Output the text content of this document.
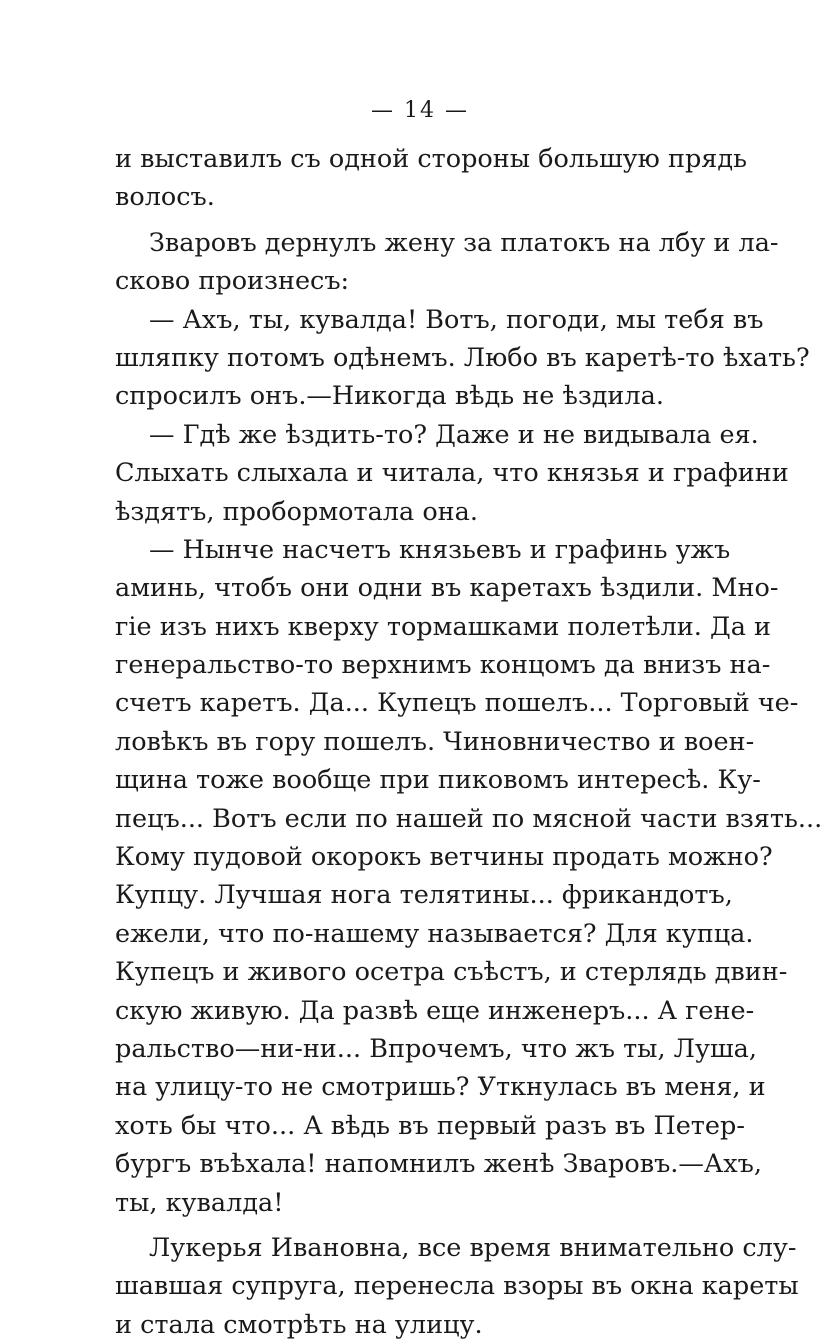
— 14 —
и выставилъ съ одной стороны большую прядь
волосъ.
Зваровъ дернулъ жену за платокъ на лбу и ла-
сково произнесъ:
— Ахъ, ты, кувалда! Вотъ, погоди, мы тебя въ
шляпку потомъ одѣнемъ. Любо въ каретѣ-то ѣхать?
спросилъ онъ.—Никогда вѣдь не ѣздила.
— Гдѣ же ѣздить-то? Даже и не видывала ея.
Слыхать слыхала и читала, что князья и графини
ѣздятъ, пробормотала она.
— Нынче насчетъ князьевъ и графинь ужъ
аминь, чтобъ они одни въ каретахъ ѣздили. Мно-
гіе изъ нихъ кверху тормашками полетѣли. Да и
генеральство-то верхнимъ концомъ да внизъ на-
счетъ каретъ. Да... Купецъ пошелъ... Торговый че-
ловѣкъ въ гору пошелъ. Чиновничество и воен-
щина тоже вообще при пиковомъ интересѣ. Ку-
пецъ... Вотъ если по нашей по мясной части взять...
Кому пудовой окорокъ ветчины продать можно?
Купцу. Лучшая нога телятины... фрикандотъ,
ежели, что по-нашему называется? Для купца.
Купецъ и живого осетра съѣстъ, и стерлядь двин-
скую живую. Да развѣ еще инженеръ... А гене-
ральство—ни-ни... Впрочемъ, что жъ ты, Луша,
на улицу-то не смотришь? Уткнулась въ меня, и
хоть бы что... А вѣдь въ первый разъ въ Петер-
бургъ въѣхала! напомнилъ женѣ Зваровъ.—Ахъ,
ты, кувалда!
Лукерья Ивановна, все время внимательно слу-
шавшая супруга, перенесла взоры въ окна кареты
и стала смотрѣть на улицу.
